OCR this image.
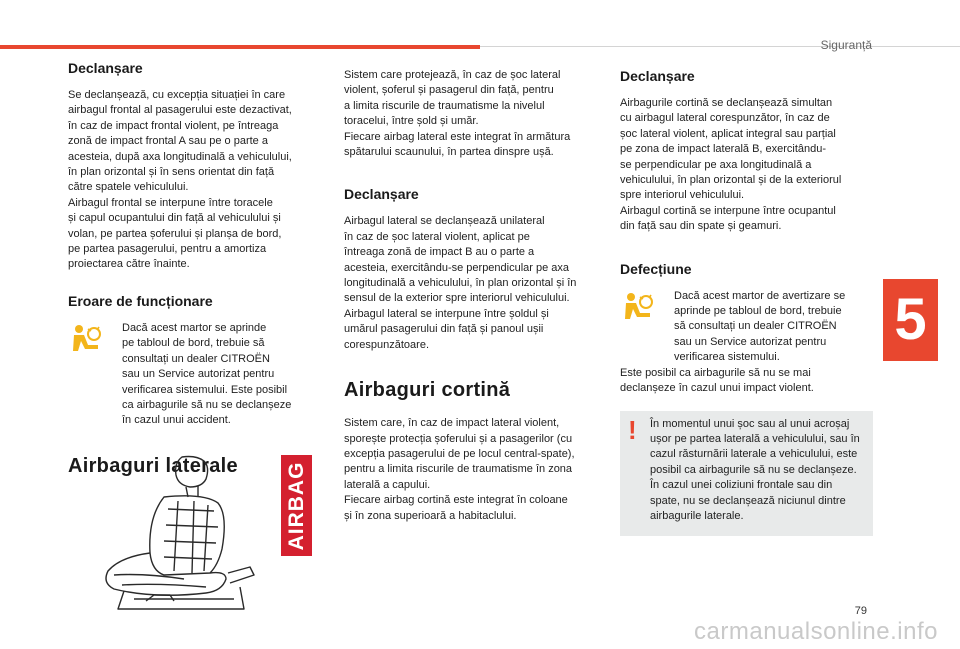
Siguranță
5
Declanșare

Se declanșează, cu excepția situației în care
airbagul frontal al pasagerului este dezactivat,
în caz de impact frontal violent, pe întreaga
zonă de impact frontal A sau pe o parte a
acesteia, după axa longitudinală a vehiculului,
în plan orizontal și în sens orientat din față
către spatele vehiculului.
Airbagul frontal se interpune între toracele
și capul ocupantului din față al vehiculului și
volan, pe partea șoferului și planșa de bord,
pe partea pasagerului, pentru a amortiza
proiectarea către înainte.

Eroare de funcționare

Dacă acest martor se aprinde
pe tabloul de bord, trebuie să
consultați un dealer CITROËN
sau un Service autorizat pentru
verificarea sistemului. Este posibil
ca airbagurile să nu se declanșeze
în cazul unui accident.

Airbaguri laterale	AIRBAG

Sistem care protejează, în caz de șoc lateral
violent, șoferul și pasagerul din față, pentru
a limita riscurile de traumatisme la nivelul
toracelui, între șold și umăr.
Fiecare airbag lateral este integrat în armătura
spătarului scaunului, în partea dinspre ușă.

Declanșare

Airbagul lateral se declanșează unilateral
în caz de șoc lateral violent, aplicat pe
întreaga zonă de impact B au o parte a
acesteia, exercitându-se perpendicular pe axa
longitudinală a vehiculului, în plan orizontal și în
sensul de la exterior spre interiorul vehiculului.
Airbagul lateral se interpune între șoldul și
umărul pasagerului din față și panoul ușii
corespunzătoare.

Airbaguri cortină

Sistem care, în caz de impact lateral violent,
sporește protecția șoferului și a pasagerilor (cu
excepția pasagerului de pe locul central-spate),
pentru a limita riscurile de traumatisme în zona
laterală a capului.
Fiecare airbag cortină este integrat în coloane
și în zona superioară a habitaclului.

Declanșare

Airbagurile cortină se declanșează simultan
cu airbagul lateral corespunzător, în caz de
șoc lateral violent, aplicat integral sau parțial
pe zona de impact laterală B, exercitându-
se perpendicular pe axa longitudinală a
vehiculului, în plan orizontal și de la exteriorul
spre interiorul vehiculului.
Airbagul cortină se interpune între ocupantul
din față sau din spate și geamuri.

Defecțiune

Dacă acest martor de avertizare se
aprinde pe tabloul de bord, trebuie
să consultați un dealer CITROËN
sau un Service autorizat pentru
verificarea sistemului.

Este posibil ca airbagurile să nu se mai
declanșeze în cazul unui impact violent.

!	În momentul unui șoc sau al unui acroșaj
ușor pe partea laterală a vehiculului, sau în
cazul răsturnării laterale a vehiculului, este
posibil ca airbagurile să nu se declanșeze.
În cazul unei coliziuni frontale sau din
spate, nu se declanșează niciunul dintre
airbagurile laterale.

79
carmanualsonline.info
